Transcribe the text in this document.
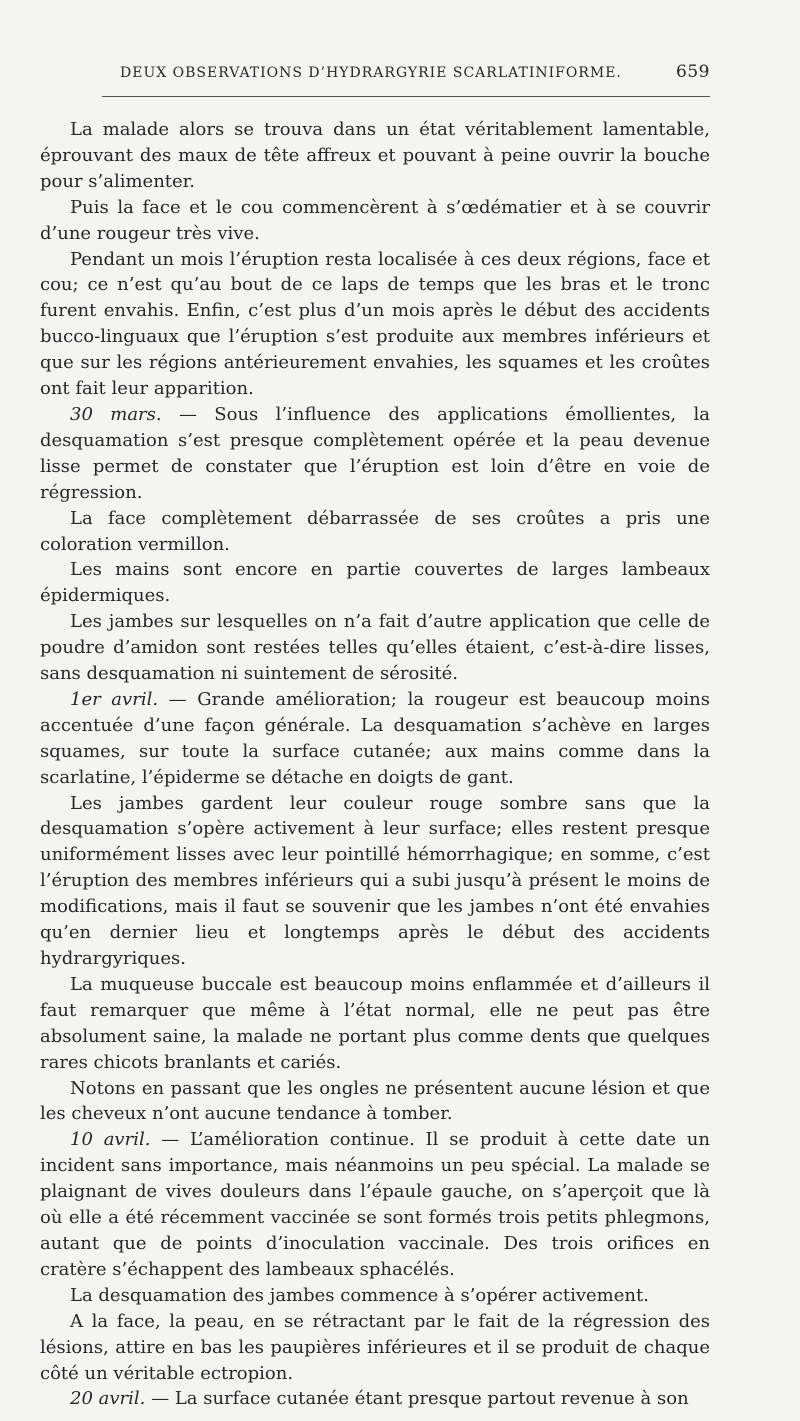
DEUX OBSERVATIONS D’HYDRARGYRIE SCARLATINIFORME.	659

La malade alors se trouva dans un état véritablement lamentable, éprouvant des maux de tête affreux et pouvant à peine ouvrir la bouche pour s’alimenter.

Puis la face et le cou commencèrent à s’œdématier et à se couvrir d’une rougeur très vive.

Pendant un mois l’éruption resta localisée à ces deux régions, face et cou; ce n’est qu’au bout de ce laps de temps que les bras et le tronc furent envahis. Enfin, c’est plus d’un mois après le début des accidents bucco-linguaux que l’éruption s’est produite aux membres inférieurs et que sur les régions antérieurement envahies, les squames et les croûtes ont fait leur apparition.

30 mars. — Sous l’influence des applications émollientes, la desquamation s’est presque complètement opérée et la peau devenue lisse permet de constater que l’éruption est loin d’être en voie de régression.

La face complètement débarrassée de ses croûtes a pris une coloration vermillon.

Les mains sont encore en partie couvertes de larges lambeaux épidermiques.

Les jambes sur lesquelles on n’a fait d’autre application que celle de poudre d’amidon sont restées telles qu’elles étaient, c’est-à-dire lisses, sans desquamation ni suintement de sérosité.

1er avril. — Grande amélioration; la rougeur est beaucoup moins accentuée d’une façon générale. La desquamation s’achève en larges squames, sur toute la surface cutanée; aux mains comme dans la scarlatine, l’épiderme se détache en doigts de gant.

Les jambes gardent leur couleur rouge sombre sans que la desquamation s’opère activement à leur surface; elles restent presque uniformément lisses avec leur pointillé hémorrhagique; en somme, c’est l’éruption des membres inférieurs qui a subi jusqu’à présent le moins de modifications, mais il faut se souvenir que les jambes n’ont été envahies qu’en dernier lieu et longtemps après le début des accidents hydrargyriques.

La muqueuse buccale est beaucoup moins enflammée et d’ailleurs il faut remarquer que même à l’état normal, elle ne peut pas être absolument saine, la malade ne portant plus comme dents que quelques rares chicots branlants et cariés.

Notons en passant que les ongles ne présentent aucune lésion et que les cheveux n’ont aucune tendance à tomber.

10 avril. — L’amélioration continue. Il se produit à cette date un incident sans importance, mais néanmoins un peu spécial. La malade se plaignant de vives douleurs dans l’épaule gauche, on s’aperçoit que là où elle a été récemment vaccinée se sont formés trois petits phlegmons, autant que de points d’inoculation vaccinale. Des trois orifices en cratère s’échappent des lambeaux sphacélés.

La desquamation des jambes commence à s’opérer activement.

A la face, la peau, en se rétractant par le fait de la régression des lésions, attire en bas les paupières inférieures et il se produit de chaque côté un véritable ectropion.

20 avril. — La surface cutanée étant presque partout revenue à son
